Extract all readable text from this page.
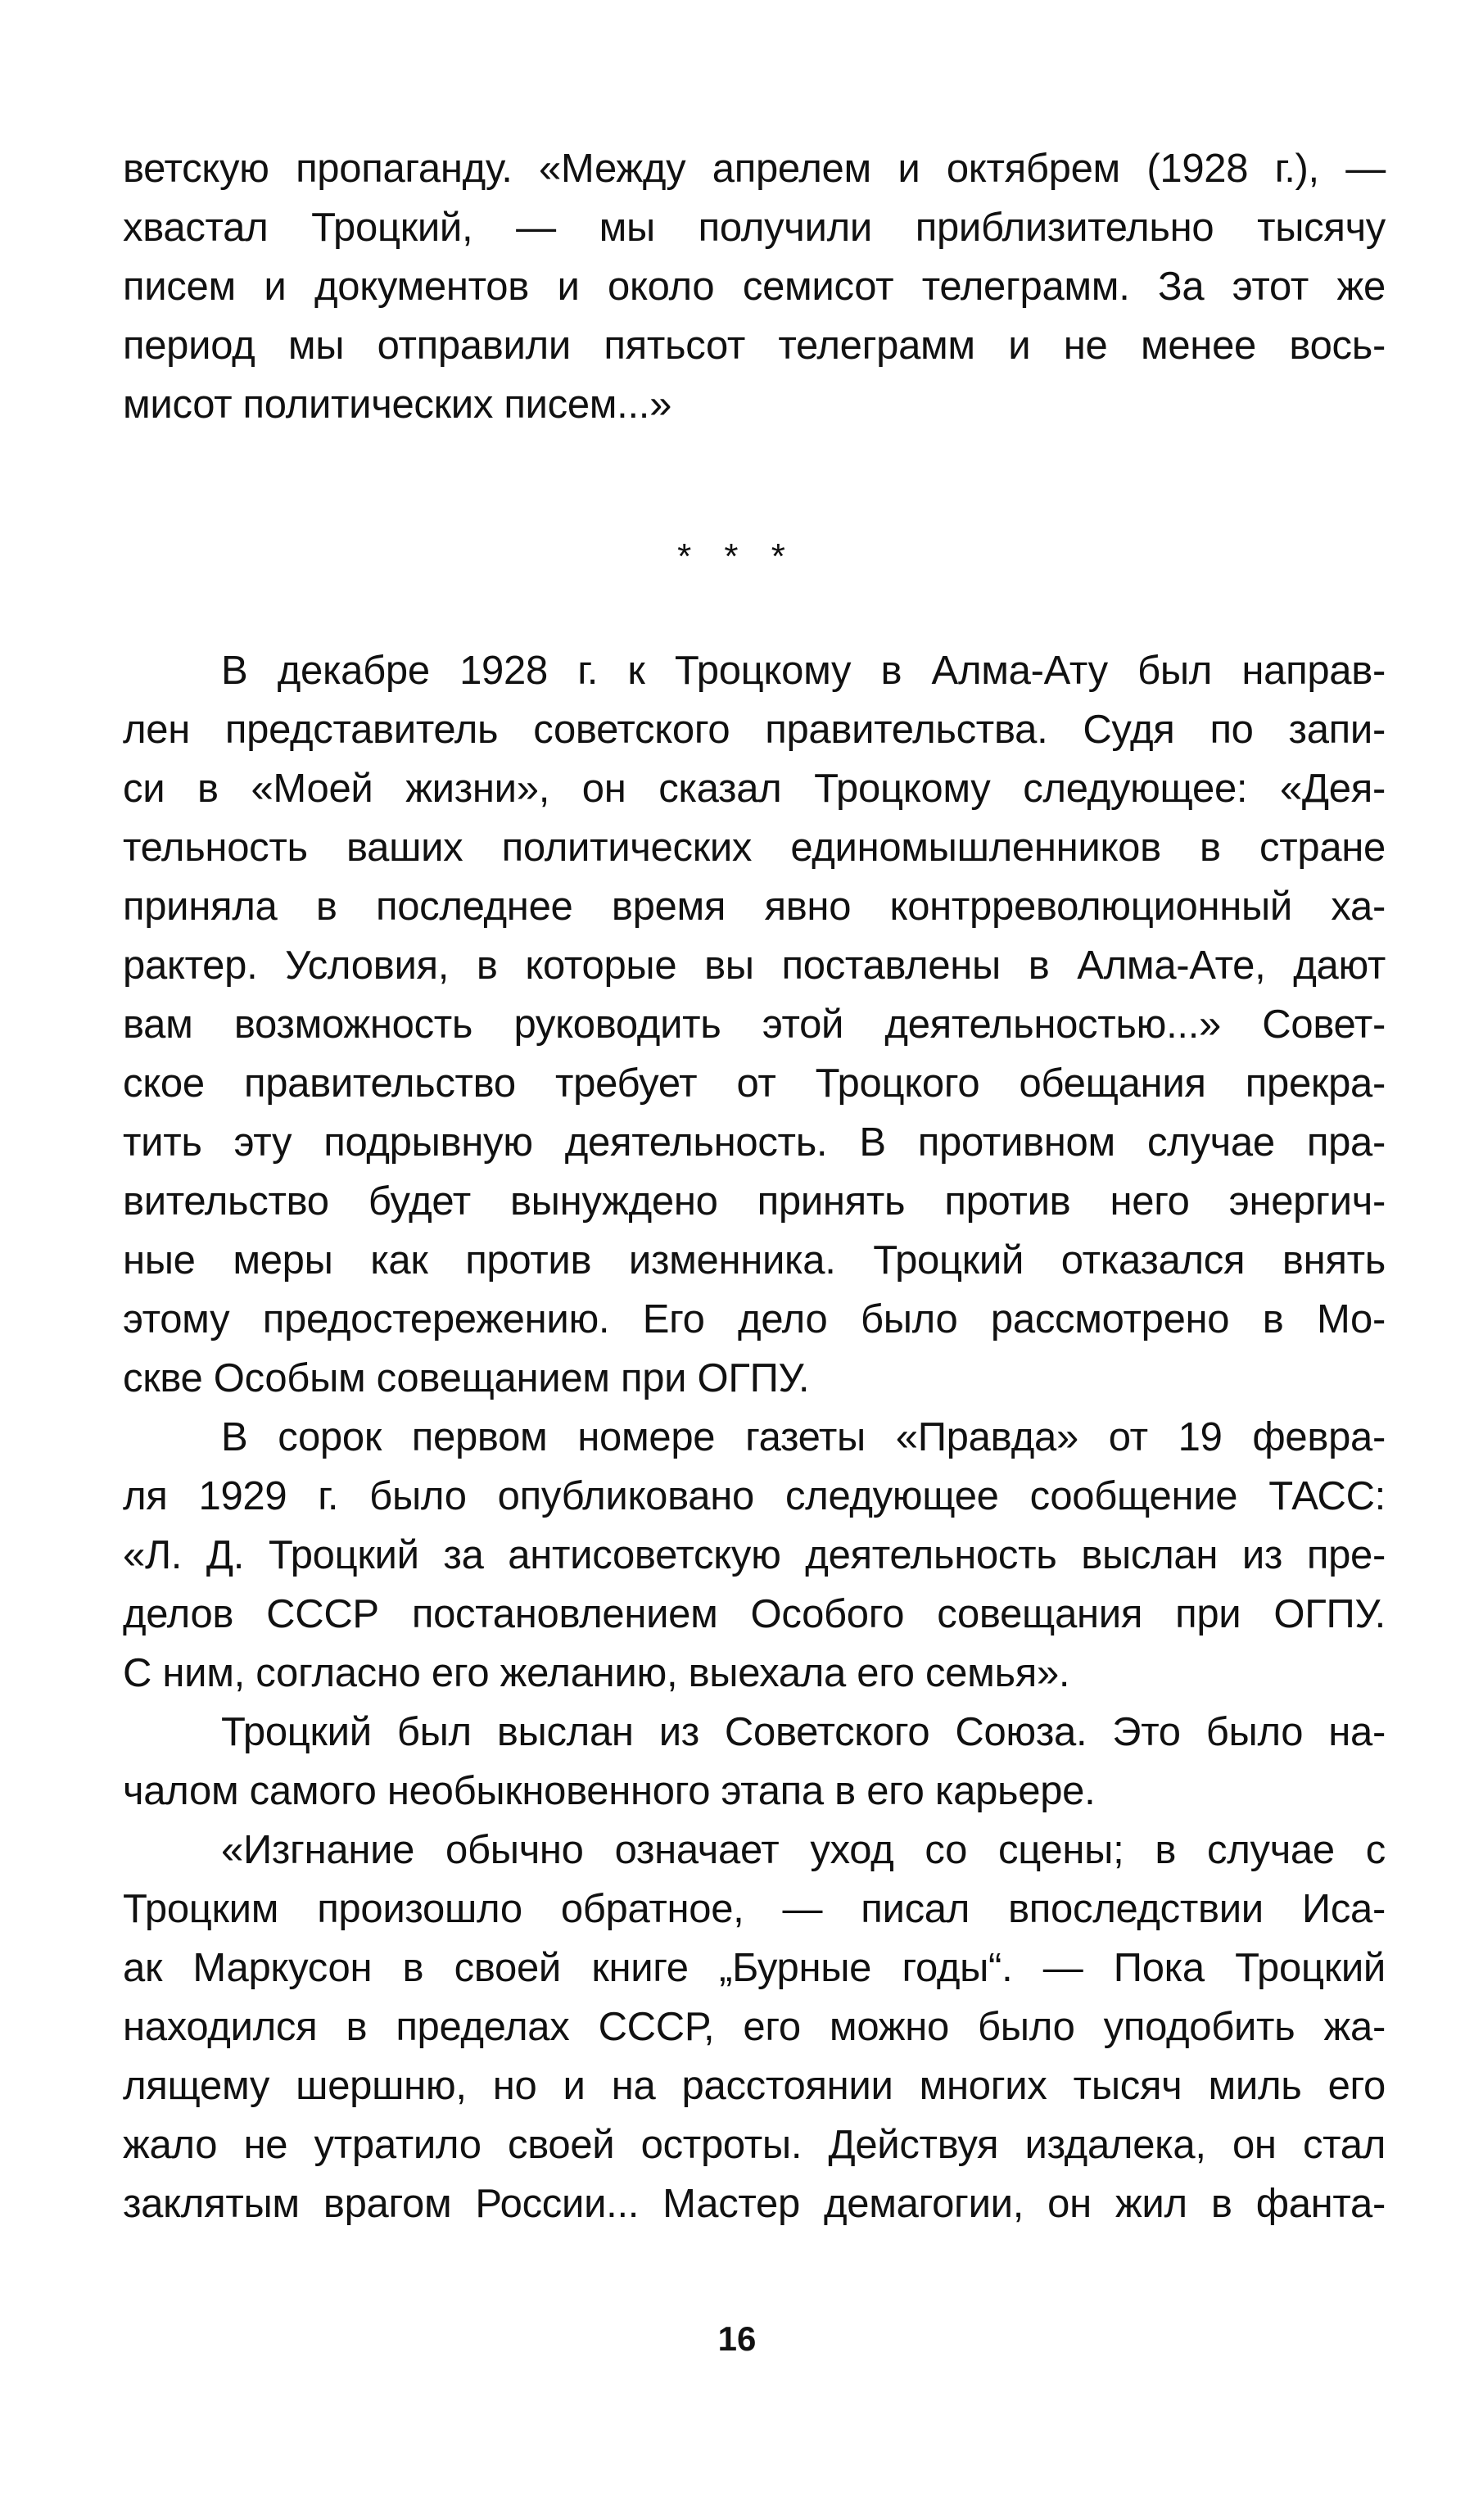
ветскую пропаганду. «Между апрелем и октябрем (1928 г.), —
хвастал Троцкий, — мы получили приблизительно тысячу
писем и документов и около семисот телеграмм. За этот же
период мы отправили пятьсот телеграмм и не менее вось-
мисот политических писем...»
* * *
В декабре 1928 г. к Троцкому в Алма-Ату был направ-
лен представитель советского правительства. Судя по запи-
си в «Моей жизни», он сказал Троцкому следующее: «Дея-
тельность ваших политических единомышленников в стране
приняла в последнее время явно контрреволюционный ха-
рактер. Условия, в которые вы поставлены в Алма-Ате, дают
вам возможность руководить этой деятельностью...» Совет-
ское правительство требует от Троцкого обещания прекра-
тить эту подрывную деятельность. В противном случае пра-
вительство будет вынуждено принять против него энергич-
ные меры как против изменника. Троцкий отказался внять
этому предостережению. Его дело было рассмотрено в Мо-
скве Особым совещанием при ОГПУ.
В сорок первом номере газеты «Правда» от 19 февра-
ля 1929 г. было опубликовано следующее сообщение ТАСС:
«Л. Д. Троцкий за антисоветскую деятельность выслан из пре-
делов СССР постановлением Особого совещания при ОГПУ.
С ним, согласно его желанию, выехала его семья».
Троцкий был выслан из Советского Союза. Это было на-
чалом самого необыкновенного этапа в его карьере.
«Изгнание обычно означает уход со сцены; в случае с
Троцким произошло обратное, — писал впоследствии Иса-
ак Маркусон в своей книге „Бурные годы“. — Пока Троцкий
находился в пределах СССР, его можно было уподобить жа-
лящему шершню, но и на расстоянии многих тысяч миль его
жало не утратило своей остроты. Действуя издалека, он стал
заклятым врагом России... Мастер демагогии, он жил в фанта-
16
